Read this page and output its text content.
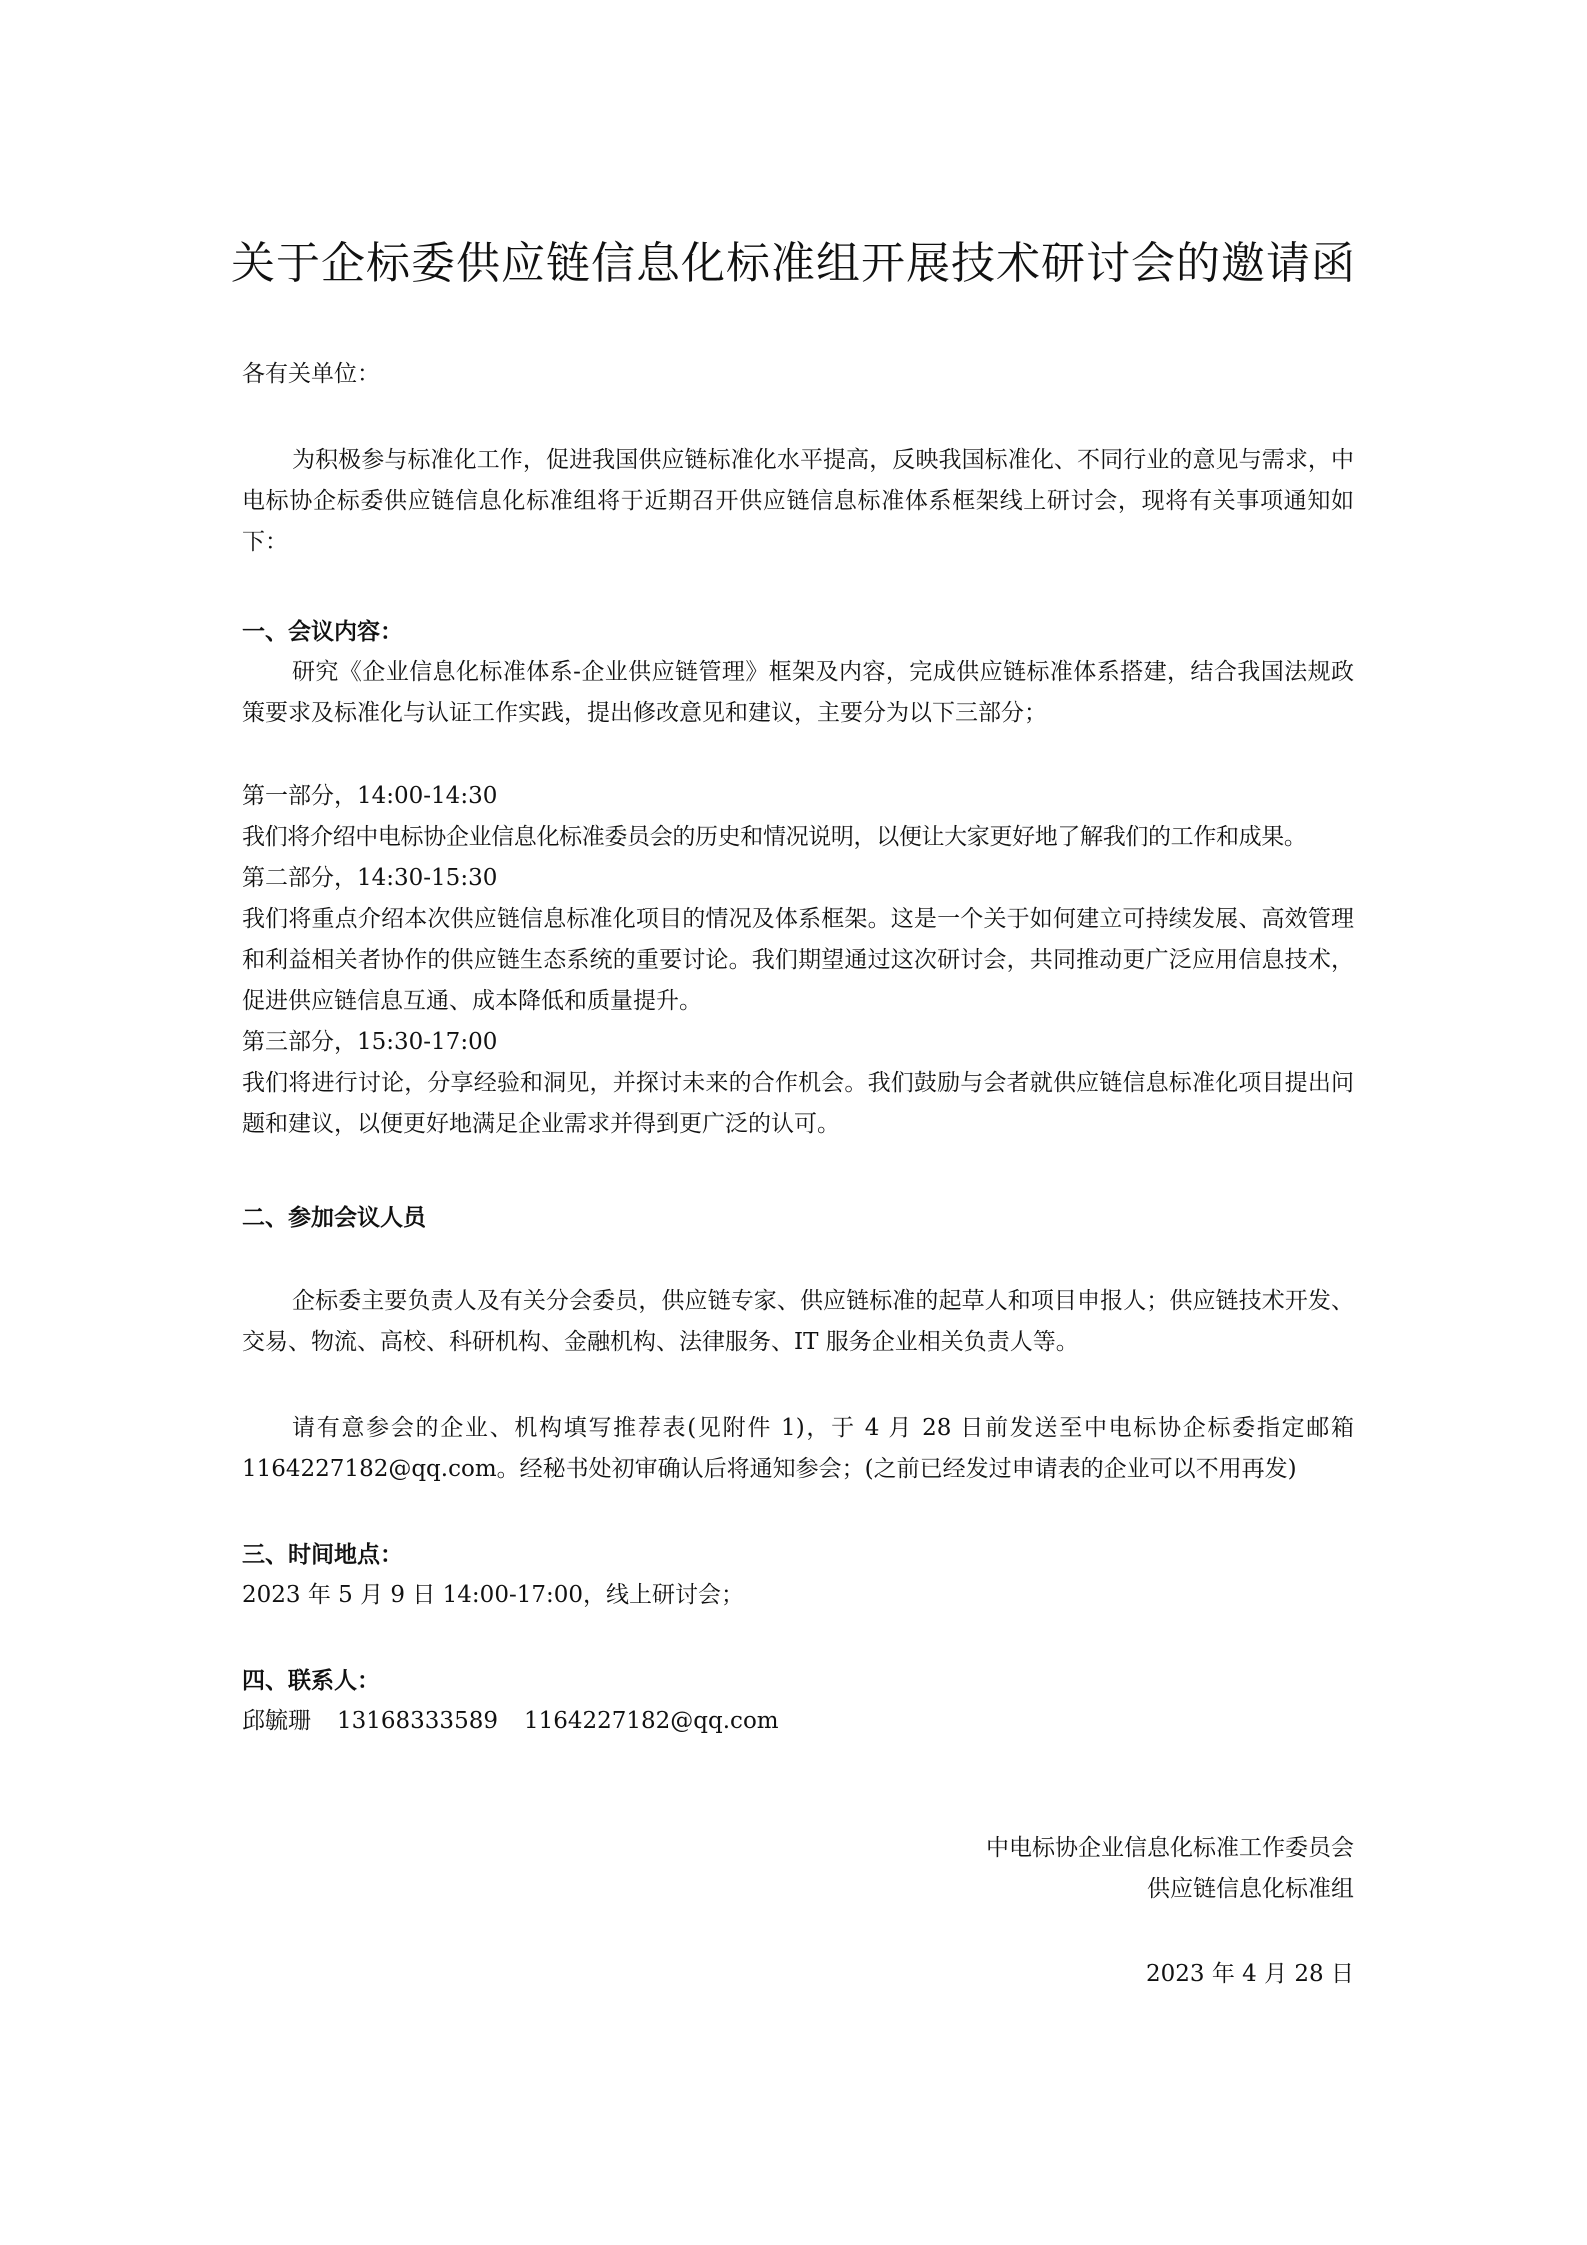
关于企标委供应链信息化标准组开展技术研讨会的邀请函

各有关单位：

为积极参与标准化工作，促进我国供应链标准化水平提高，反映我国标准化、不同行业的意见与需求，中电标协企标委供应链信息化标准组将于近期召开供应链信息标准体系框架线上研讨会，现将有关事项通知如下：

一、会议内容：

研究《企业信息化标准体系-企业供应链管理》框架及内容，完成供应链标准体系搭建，结合我国法规政策要求及标准化与认证工作实践，提出修改意见和建议，主要分为以下三部分；

第一部分，14:00-14:30

我们将介绍中电标协企业信息化标准委员会的历史和情况说明，以便让大家更好地了解我们的工作和成果。

第二部分，14:30-15:30

我们将重点介绍本次供应链信息标准化项目的情况及体系框架。这是一个关于如何建立可持续发展、高效管理和利益相关者协作的供应链生态系统的重要讨论。我们期望通过这次研讨会，共同推动更广泛应用信息技术，促进供应链信息互通、成本降低和质量提升。

第三部分，15:30-17:00

我们将进行讨论，分享经验和洞见，并探讨未来的合作机会。我们鼓励与会者就供应链信息标准化项目提出问题和建议，以便更好地满足企业需求并得到更广泛的认可。

二、参加会议人员

企标委主要负责人及有关分会委员，供应链专家、供应链标准的起草人和项目申报人；供应链技术开发、交易、物流、高校、科研机构、金融机构、法律服务、IT 服务企业相关负责人等。

请有意参会的企业、机构填写推荐表(见附件 1)，于 4 月 28 日前发送至中电标协企标委指定邮箱 1164227182@qq.com。经秘书处初审确认后将通知参会；(之前已经发过申请表的企业可以不用再发)

三、时间地点：

2023 年 5 月 9 日 14:00-17:00，线上研讨会；

四、联系人：

邱毓珊 13168333589 1164227182@qq.com

中电标协企业信息化标准工作委员会
供应链信息化标准组
2023 年 4 月 28 日
